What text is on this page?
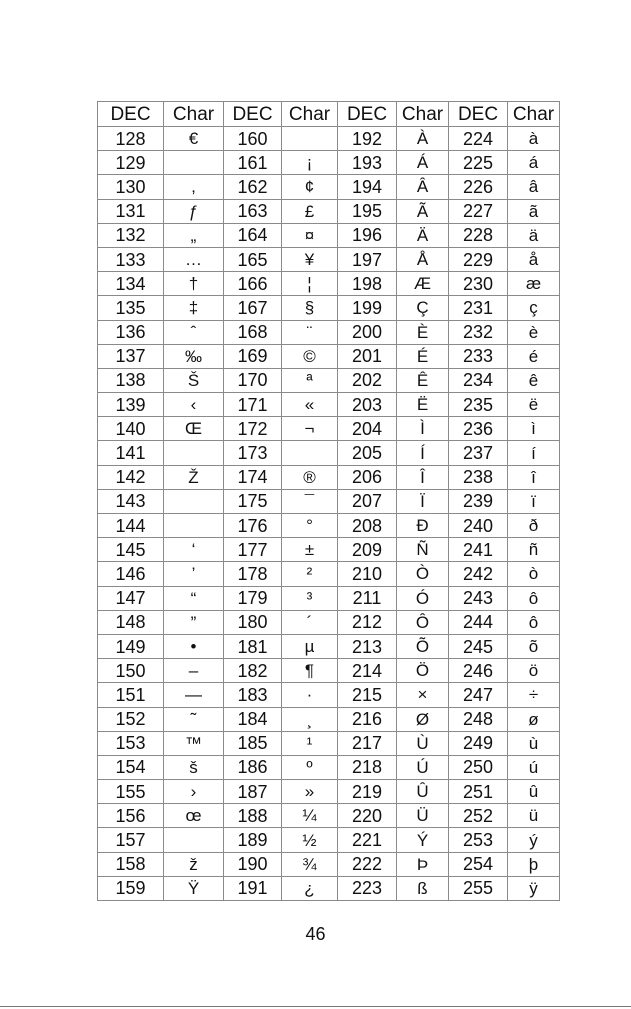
DEC	Char	DEC	Char	DEC	Char	DEC	Char
128	€	160		192	À	224	à
129		161	¡	193	Á	225	á
130	‚	162	¢	194	Â	226	â
131	ƒ	163	£	195	Ã	227	ã
132	„	164	¤	196	Ä	228	ä
133	…	165	¥	197	Å	229	å
134	†	166	¦	198	Æ	230	æ
135	‡	167	§	199	Ç	231	ç
136	ˆ	168	¨	200	È	232	è
137	‰	169	©	201	É	233	é
138	Š	170	ª	202	Ê	234	ê
139	‹	171	«	203	Ë	235	ë
140	Œ	172	¬	204	Ì	236	ì
141		173		205	Í	237	í
142	Ž	174	®	206	Î	238	î
143		175	¯	207	Ï	239	ï
144		176	°	208	Ð	240	ð
145	‘	177	±	209	Ñ	241	ñ
146	’	178	²	210	Ò	242	ò
147	“	179	³	211	Ó	243	ô
148	”	180	´	212	Ô	244	ô
149	•	181	µ	213	Õ	245	õ
150	–	182	¶	214	Ö	246	ö
151	—	183	·	215	×	247	÷
152	˜	184	¸	216	Ø	248	ø
153	™	185	¹	217	Ù	249	ù
154	š	186	º	218	Ú	250	ú
155	›	187	»	219	Û	251	û
156	œ	188	¼	220	Ü	252	ü
157		189	½	221	Ý	253	ý
158	ž	190	¾	222	Þ	254	þ
159	Ÿ	191	¿	223	ß	255	ÿ
46
